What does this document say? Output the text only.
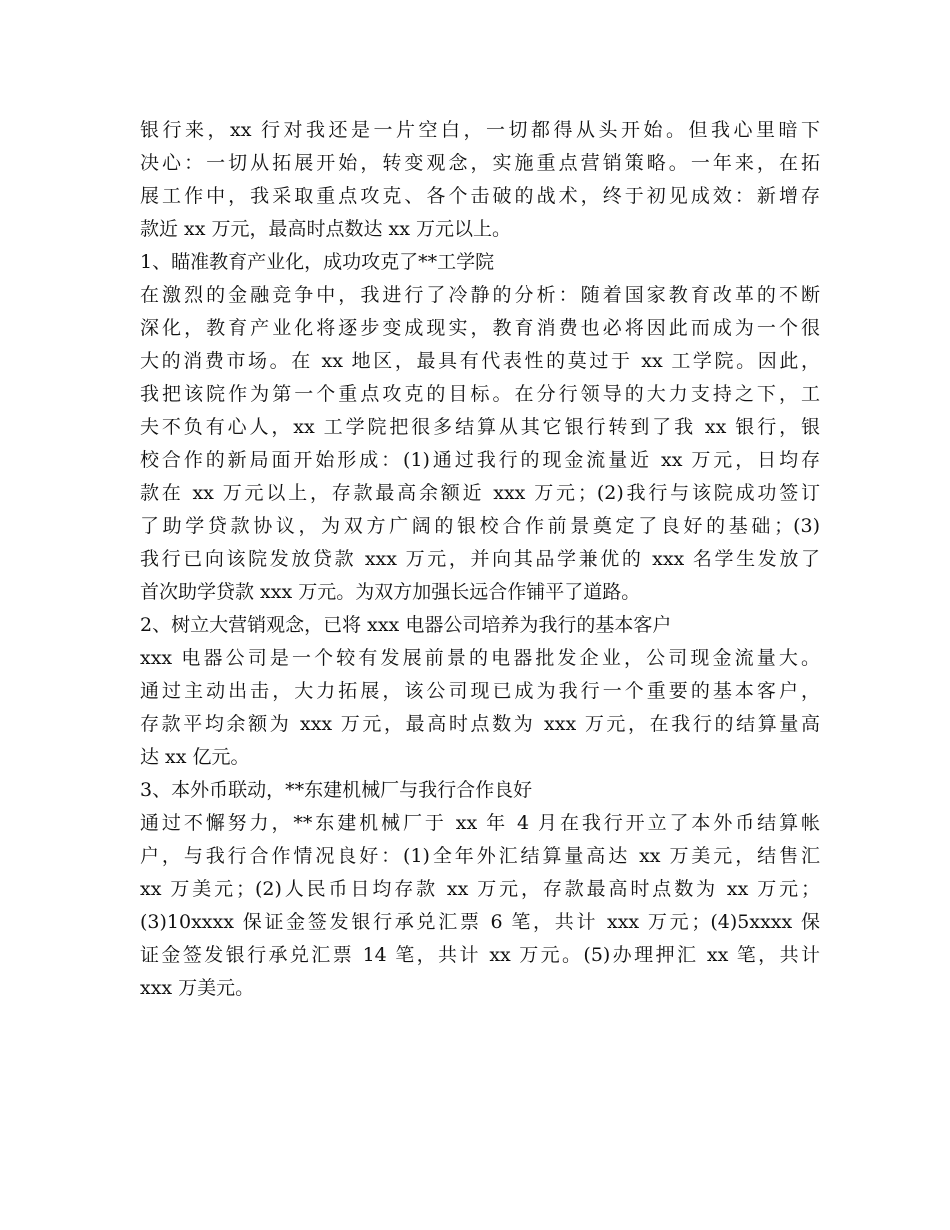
银行来，xx 行对我还是一片空白，一切都得从头开始。但我心里暗下
决心：一切从拓展开始，转变观念，实施重点营销策略。一年来，在拓
展工作中，我采取重点攻克、各个击破的战术，终于初见成效：新增存
款近 xx 万元，最高时点数达 xx 万元以上。
1、瞄准教育产业化，成功攻克了**工学院
在激烈的金融竞争中，我进行了冷静的分析：随着国家教育改革的不断
深化，教育产业化将逐步变成现实，教育消费也必将因此而成为一个很
大的消费市场。在 xx 地区，最具有代表性的莫过于 xx 工学院。因此，
我把该院作为第一个重点攻克的目标。在分行领导的大力支持之下，工
夫不负有心人，xx 工学院把很多结算从其它银行转到了我 xx 银行，银
校合作的新局面开始形成：(1)通过我行的现金流量近 xx 万元，日均存
款在 xx 万元以上，存款最高余额近 xxx 万元；(2)我行与该院成功签订
了助学贷款协议，为双方广阔的银校合作前景奠定了良好的基础；(3)
我行已向该院发放贷款 xxx 万元，并向其品学兼优的 xxx 名学生发放了
首次助学贷款 xxx 万元。为双方加强长远合作铺平了道路。
2、树立大营销观念，已将 xxx 电器公司培养为我行的基本客户
xxx 电器公司是一个较有发展前景的电器批发企业，公司现金流量大。
通过主动出击，大力拓展，该公司现已成为我行一个重要的基本客户，
存款平均余额为 xxx 万元，最高时点数为 xxx 万元，在我行的结算量高
达 xx 亿元。
3、本外币联动，**东建机械厂与我行合作良好
通过不懈努力，**东建机械厂于 xx 年 4 月在我行开立了本外币结算帐
户，与我行合作情况良好：(1)全年外汇结算量高达 xx 万美元，结售汇
xx 万美元；(2)人民币日均存款 xx 万元，存款最高时点数为 xx 万元；
(3)10xxxx 保证金签发银行承兑汇票 6 笔，共计 xxx 万元；(4)5xxxx 保
证金签发银行承兑汇票 14 笔，共计 xx 万元。(5)办理押汇 xx 笔，共计
xxx 万美元。
